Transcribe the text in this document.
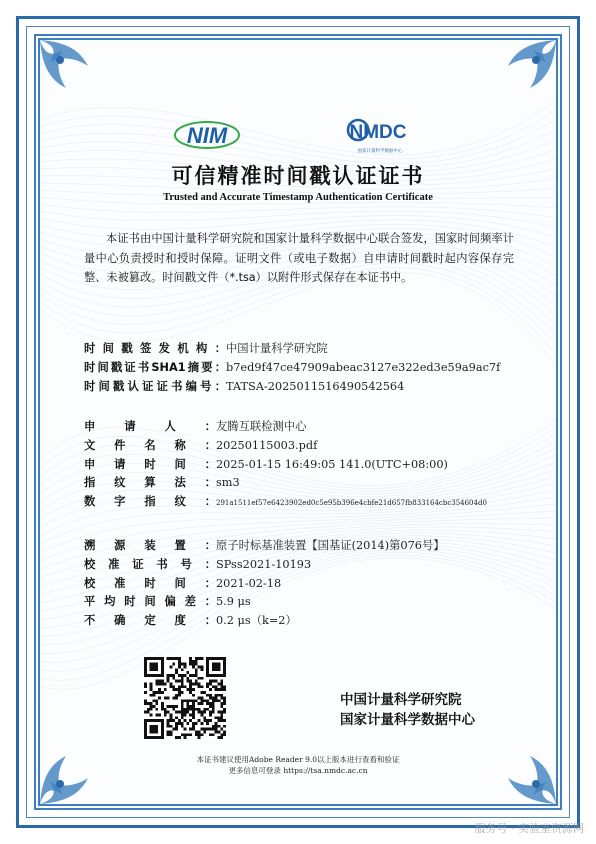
NIM	NMDC
国家计量科学数据中心
可信精准时间戳认证证书
Trusted and Accurate Timestamp Authentication Certificate
本证书由中国计量科学研究院和国家计量科学数据中心联合签发，国家时间频率计量中心负责授时和授时保障。证明文件（或电子数据）自申请时间戳时起内容保存完整、未被篡改。时间戳文件（*.tsa）以附件形式保存在本证书中。
时间戳签发机构：中国计量科学研究院
时间戳证书SHA1摘要：b7ed9f47ce47909abeac3127e322ed3e59a9ac7f
时间戳认证证书编号：TATSA-2025011516490542564
申请人：友腾互联检测中心
文件名称：20250115003.pdf
申请时间：2025-01-15 16:49:05 141.0(UTC+08:00)
指纹算法：sm3
数字指纹：291a1511ef57e6423902ed0c5e95b396e4cbfe21d657fb833164cbc354604d0
溯源装置：原子时标基准装置【国基证(2014)第076号】
校准证书号：SPss2021-10193
校准时间：2021-02-18
平均时间偏差：5.9 μs
不确定度：0.2 μs（k=2）
中国计量科学研究院
国家计量科学数据中心
本证书建议使用Adobe Reader 9.0以上版本进行查看和验证
更多信息可登录 https://tsa.nmdc.ac.cn
服务号 · 实验室资源网
